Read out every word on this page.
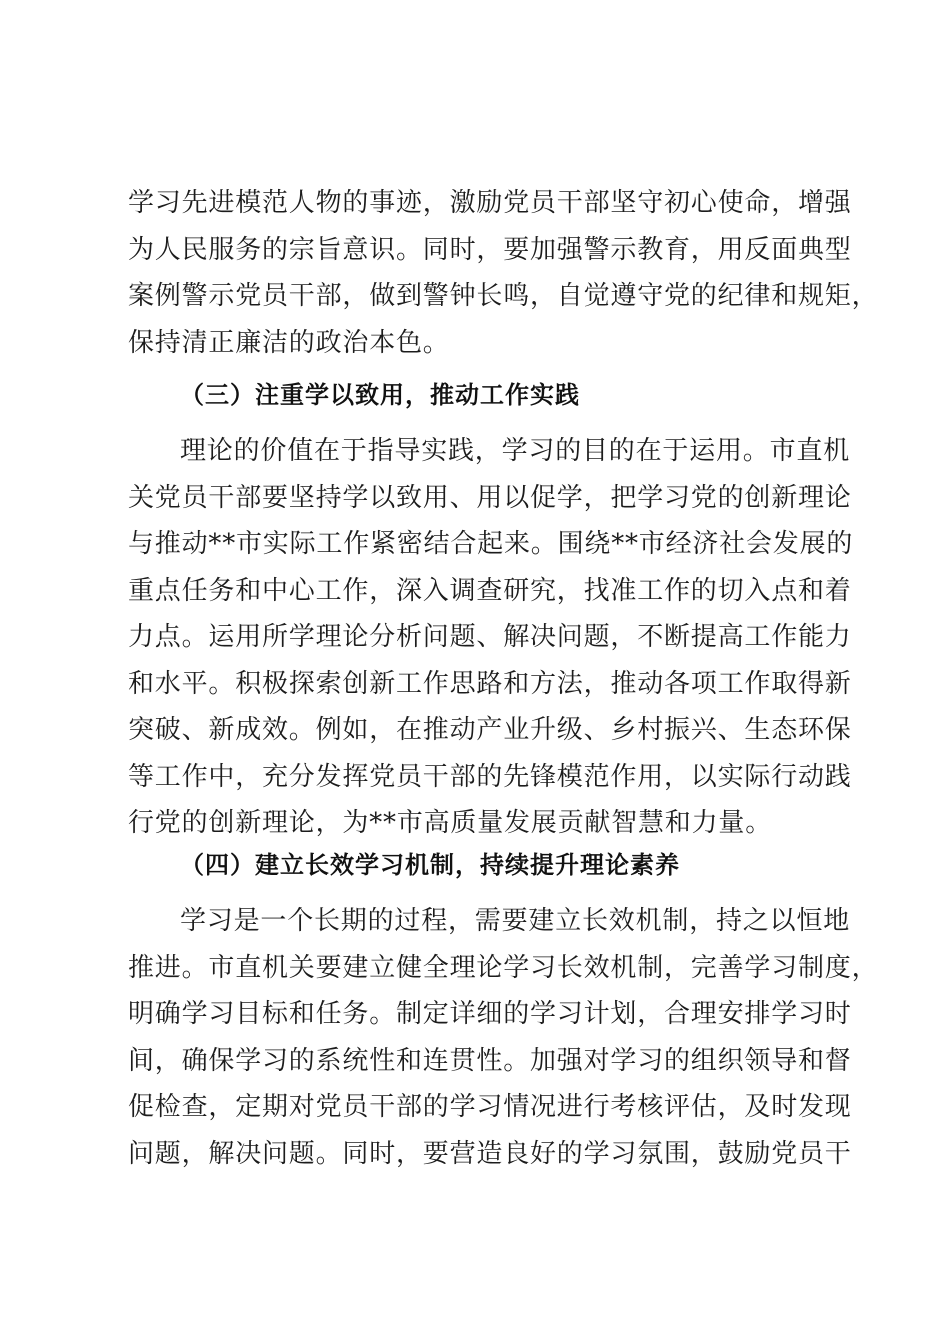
学习先进模范人物的事迹，激励党员干部坚守初心使命，增强
为人民服务的宗旨意识。同时，要加强警示教育，用反面典型
案例警示党员干部，做到警钟长鸣，自觉遵守党的纪律和规矩，
保持清正廉洁的政治本色。
（三）注重学以致用，推动工作实践
理论的价值在于指导实践，学习的目的在于运用。市直机
关党员干部要坚持学以致用、用以促学，把学习党的创新理论
与推动**市实际工作紧密结合起来。围绕**市经济社会发展的
重点任务和中心工作，深入调查研究，找准工作的切入点和着
力点。运用所学理论分析问题、解决问题，不断提高工作能力
和水平。积极探索创新工作思路和方法，推动各项工作取得新
突破、新成效。例如，在推动产业升级、乡村振兴、生态环保
等工作中，充分发挥党员干部的先锋模范作用，以实际行动践
行党的创新理论，为**市高质量发展贡献智慧和力量。
（四）建立长效学习机制，持续提升理论素养
学习是一个长期的过程，需要建立长效机制，持之以恒地
推进。市直机关要建立健全理论学习长效机制，完善学习制度，
明确学习目标和任务。制定详细的学习计划，合理安排学习时
间，确保学习的系统性和连贯性。加强对学习的组织领导和督
促检查，定期对党员干部的学习情况进行考核评估，及时发现
问题，解决问题。同时，要营造良好的学习氛围，鼓励党员干
